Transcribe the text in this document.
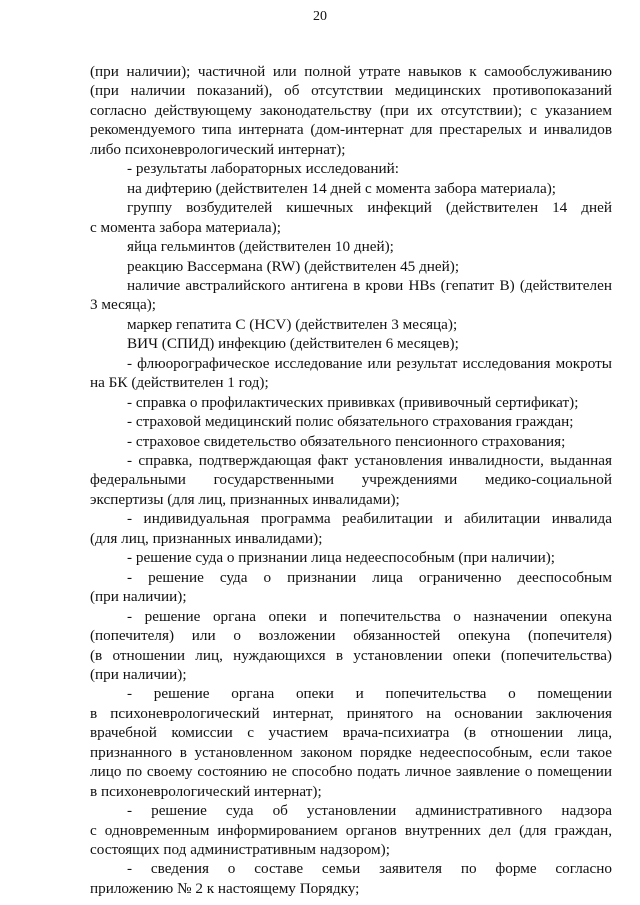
20
(при наличии); частичной или полной утрате навыков к самообслуживанию
(при наличии показаний), об отсутствии медицинских противопоказаний
согласно действующему законодательству (при их отсутствии); с указанием
рекомендуемого типа интерната (дом-интернат для престарелых и инвалидов
либо психоневрологический интернат);
- результаты лабораторных исследований:
на дифтерию (действителен 14 дней с момента забора материала);
группу возбудителей кишечных инфекций (действителен 14 дней
с момента забора материала);
яйца гельминтов (действителен 10 дней);
реакцию Вассермана (RW) (действителен 45 дней);
наличие австралийского антигена в крови HBs (гепатит В) (действителен
3 месяца);
маркер гепатита С (HCV) (действителен 3 месяца);
ВИЧ (СПИД) инфекцию (действителен 6 месяцев);
- флюорографическое исследование или результат исследования мокроты
на БК (действителен 1 год);
- справка о профилактических прививках (прививочный сертификат);
- страховой медицинский полис обязательного страхования граждан;
- страховое свидетельство обязательного пенсионного страхования;
- справка, подтверждающая факт установления инвалидности, выданная
федеральными государственными учреждениями медико-социальной
экспертизы (для лиц, признанных инвалидами);
- индивидуальная программа реабилитации и абилитации инвалида
(для лиц, признанных инвалидами);
- решение суда о признании лица недееспособным (при наличии);
- решение суда о признании лица ограниченно дееспособным
(при наличии);
- решение органа опеки и попечительства о назначении опекуна
(попечителя) или о возложении обязанностей опекуна (попечителя)
(в отношении лиц, нуждающихся в установлении опеки (попечительства)
(при наличии);
- решение органа опеки и попечительства о помещении
в психоневрологический интернат, принятого на основании заключения
врачебной комиссии с участием врача-психиатра (в отношении лица,
признанного в установленном законом порядке недееспособным, если такое
лицо по своему состоянию не способно подать личное заявление о помещении
в психоневрологический интернат);
- решение суда об установлении административного надзора
с одновременным информированием органов внутренних дел (для граждан,
состоящих под административным надзором);
- сведения о составе семьи заявителя по форме согласно
приложению № 2 к настоящему Порядку;
